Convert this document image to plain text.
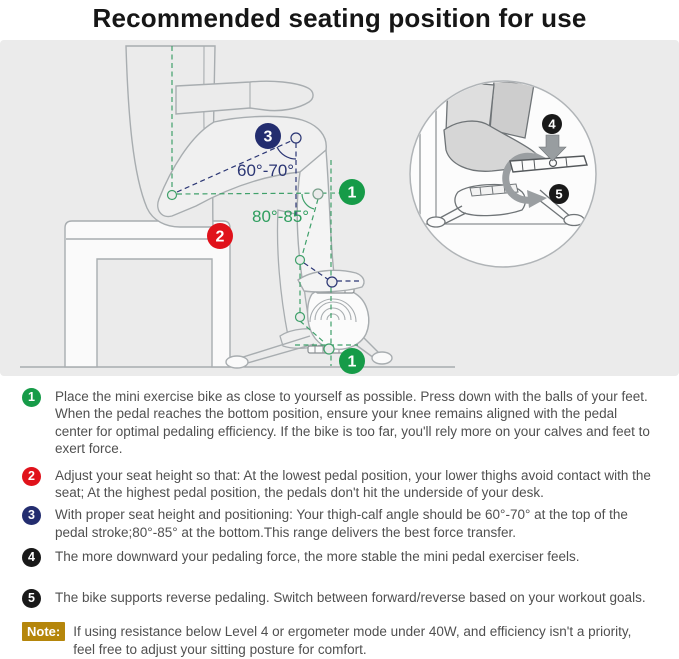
Recommended seating position for use
60°-70°
80°-85°
3
1
2
1
4
5
1	Place the mini exercise bike as close to yourself as possible. Press down with the balls of your feet. When the pedal reaches the bottom position, ensure your knee remains aligned with the pedal center for optimal pedaling efficiency. If the bike is too far, you'll rely more on your calves and feet to exert force.

2	Adjust your seat height so that: At the lowest pedal position, your lower thighs avoid contact with the seat; At the highest pedal position, the pedals don't hit the underside of your desk.

3	With proper seat height and positioning: Your thigh-calf angle should be 60°-70° at the top of the pedal stroke;80°-85° at the bottom.This range delivers the best force transfer.

4	The more downward your pedaling force, the more stable the mini pedal exerciser feels.

5	The bike supports reverse pedaling. Switch between forward/reverse based on your workout goals.

Note: If using resistance below Level 4 or ergometer mode under 40W, and efficiency isn't a priority, feel free to adjust your sitting posture for comfort.
